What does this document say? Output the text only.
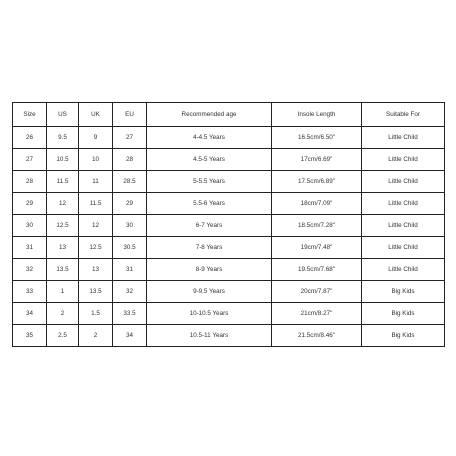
Size	US	UK	EU	Recommended age	Insole Length	Suitable For
26	9.5	9	27	4-4.5 Years	16.5cm/6.50"	Little Child
27	10.5	10	28	4.5-5 Years	17cm/6.69"	Little Child
28	11.5	11	28.5	5-5.5 Years	17.5cm/6.89"	Little Child
29	12	11.5	29	5.5-6 Years	18cm/7.09"	Little Child
30	12.5	12	30	6-7 Years	18.5cm/7.28"	Little Child
31	13	12.5	30.5	7-8 Years	19cm/7.48"	Little Child
32	13.5	13	31	8-9 Years	19.5cm/7.68"	Little Child
33	1	13.5	32	9-9.5 Years	20cm/7.87"	Big Kids
34	2	1.5	33.5	10-10.5 Years	21cm/8.27"	Big Kids
35	2.5	2	34	10.5-11 Years	21.5cm/8.46"	Big Kids
